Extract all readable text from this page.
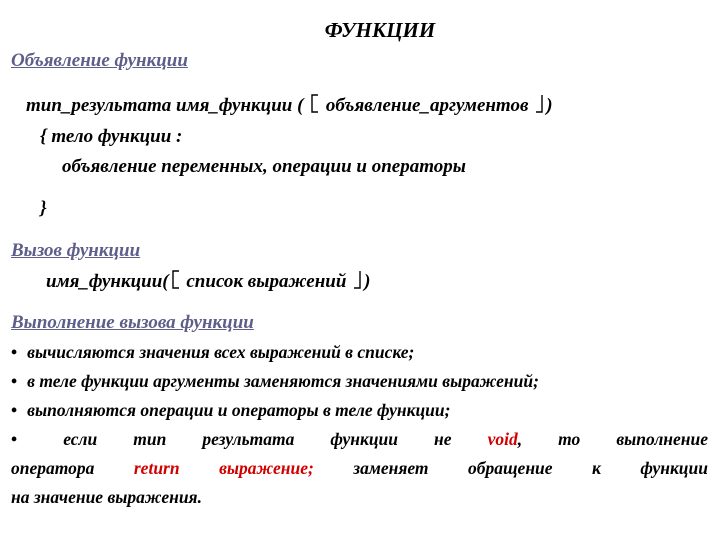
ФУНКЦИИ
Объявление функции
тип_результата имя_функции (
объявление_аргументов
)
{ тело функции :
объявление переменных, операции и операторы
}
Вызов функции
имя_функции(
список выражений
)
Выполнение вызова функции
• вычисляются значения всех выражений в списке;
• в теле функции аргументы заменяются значениями выражений;
• выполняются операции и операторы в теле функции;
•	если тип результата функции не void, то выполнение
оператора return выражение; заменяет обращение к функции
на значение выражения.
